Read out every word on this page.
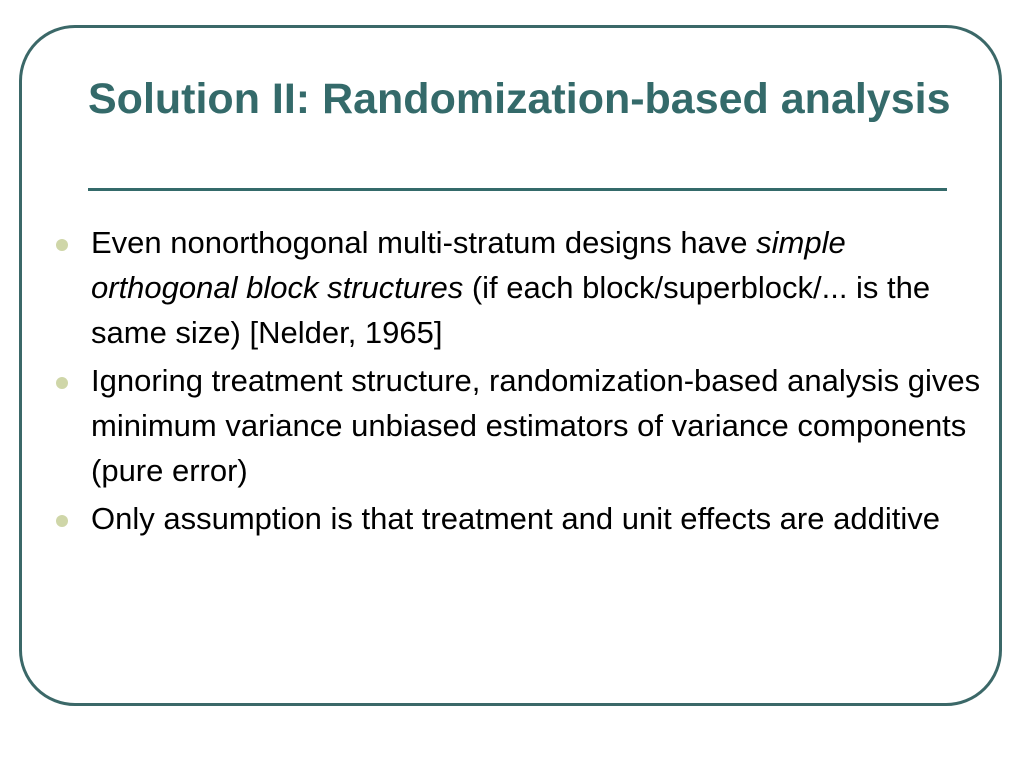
Solution II: Randomization-based analysis
Even nonorthogonal multi-stratum designs have simple orthogonal block structures (if each block/superblock/... is the same size) [Nelder, 1965]
Ignoring treatment structure, randomization-based analysis gives minimum variance unbiased estimators of variance components (pure error)
Only assumption is that treatment and unit effects are additive
